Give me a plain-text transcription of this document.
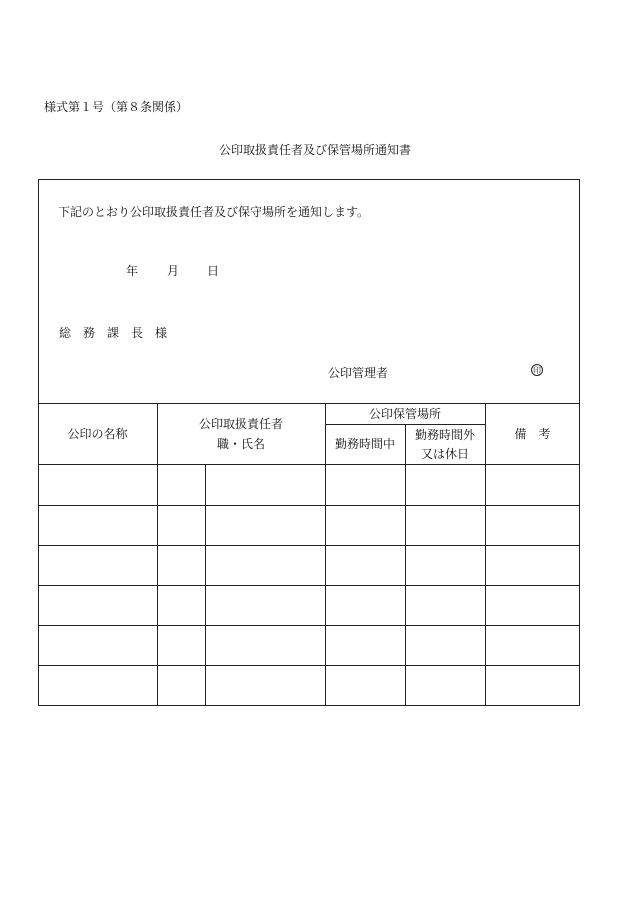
様式第１号（第８条関係）
公印取扱責任者及び保管場所通知書
下記のとおり公印取扱責任者及び保守場所を通知します。
年 月 日
総　務　課　長　様
公印管理者	印
公印の名称
公印取扱責任者
職・氏名
公印保管場所
勤務時間中
勤務時間外
又は休日
備　考
